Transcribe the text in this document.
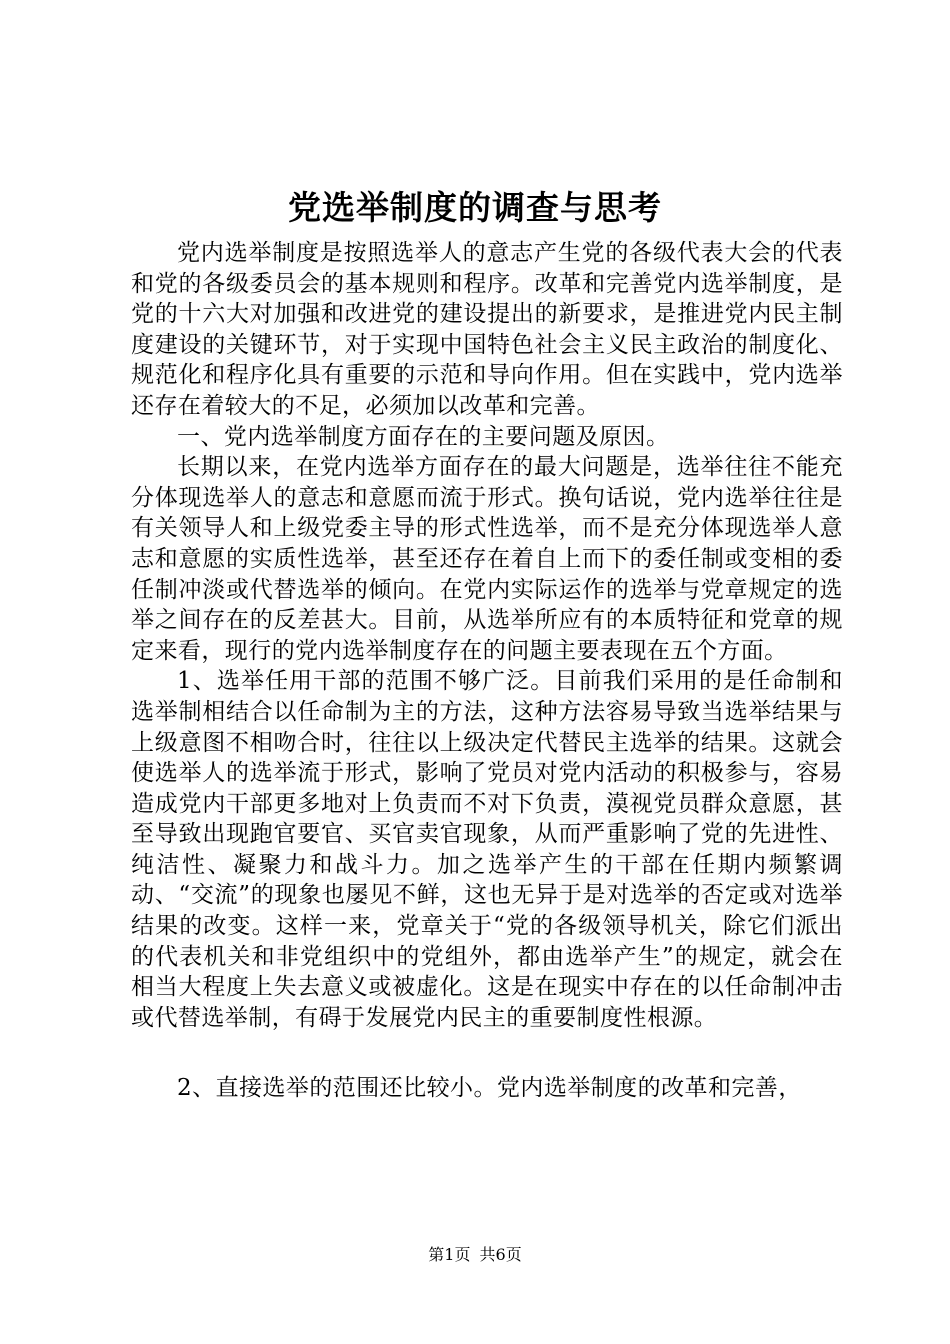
党选举制度的调查与思考

党内选举制度是按照选举人的意志产生党的各级代表大会的代表和党的各级委员会的基本规则和程序。改革和完善党内选举制度，是党的十六大对加强和改进党的建设提出的新要求，是推进党内民主制度建设的关键环节，对于实现中国特色社会主义民主政治的制度化、规范化和程序化具有重要的示范和导向作用。但在实践中，党内选举还存在着较大的不足，必须加以改革和完善。

一、党内选举制度方面存在的主要问题及原因。

长期以来，在党内选举方面存在的最大问题是，选举往往不能充分体现选举人的意志和意愿而流于形式。换句话说，党内选举往往是有关领导人和上级党委主导的形式性选举，而不是充分体现选举人意志和意愿的实质性选举，甚至还存在着自上而下的委任制或变相的委任制冲淡或代替选举的倾向。在党内实际运作的选举与党章规定的选举之间存在的反差甚大。目前，从选举所应有的本质特征和党章的规定来看，现行的党内选举制度存在的问题主要表现在五个方面。

1、选举任用干部的范围不够广泛。目前我们采用的是任命制和选举制相结合以任命制为主的方法，这种方法容易导致当选举结果与上级意图不相吻合时，往往以上级决定代替民主选举的结果。这就会使选举人的选举流于形式，影响了党员对党内活动的积极参与，容易造成党内干部更多地对上负责而不对下负责，漠视党员群众意愿，甚至导致出现跑官要官、买官卖官现象，从而严重影响了党的先进性、纯洁性、凝聚力和战斗力。加之选举产生的干部在任期内频繁调动、“交流”的现象也屡见不鲜，这也无异于是对选举的否定或对选举结果的改变。这样一来，党章关于“党的各级领导机关，除它们派出的代表机关和非党组织中的党组外，都由选举产生”的规定，就会在相当大程度上失去意义或被虚化。这是在现实中存在的以任命制冲击或代替选举制，有碍于发展党内民主的重要制度性根源。

2、直接选举的范围还比较小。党内选举制度的改革和完善，

第1页 共6页
